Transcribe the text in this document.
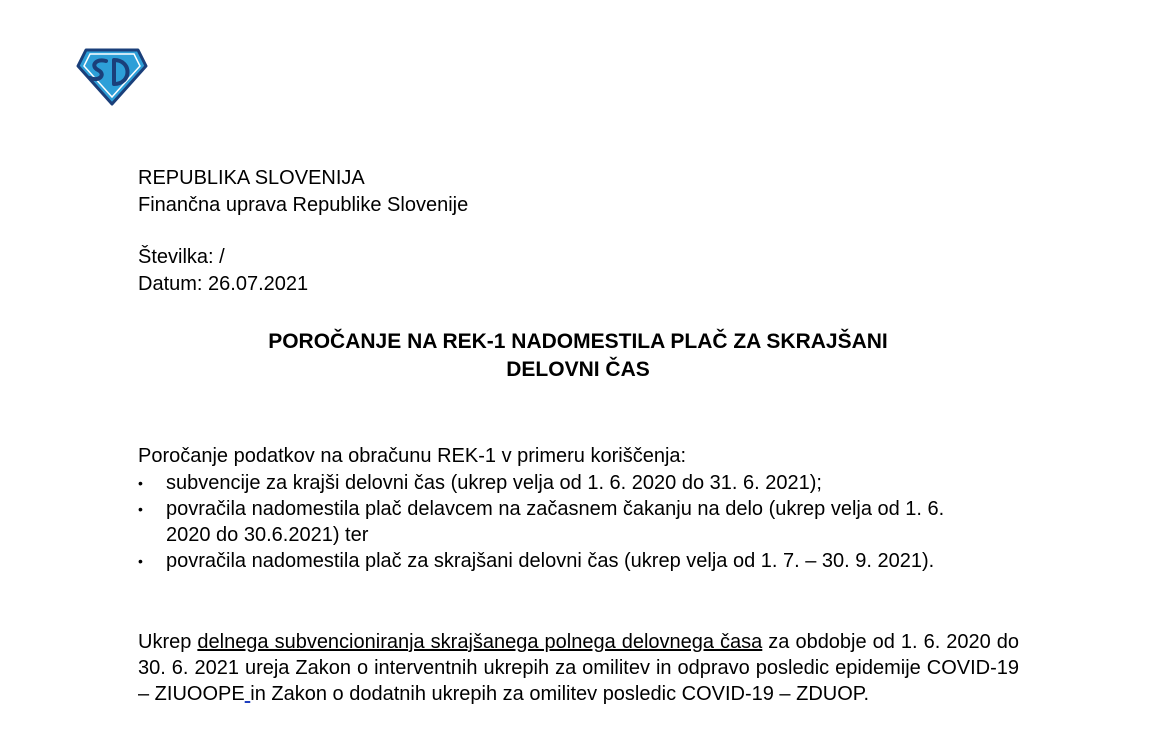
REPUBLIKA SLOVENIJA
Finančna uprava Republike Slovenije
Številka: /
Datum: 26.07.2021
POROČANJE NA REK-1 NADOMESTILA PLAČ ZA SKRAJŠANI
DELOVNI ČAS
Poročanje podatkov na obračunu REK-1 v primeru koriščenja:
• subvencije za krajši delovni čas (ukrep velja od 1. 6. 2020 do 31. 6. 2021);
• povračila nadomestila plač delavcem na začasnem čakanju na delo (ukrep velja od 1. 6. 2020 do 30.6.2021) ter
• povračila nadomestila plač za skrajšani delovni čas (ukrep velja od 1. 7. – 30. 9. 2021).
Ukrep delnega subvencioniranja skrajšanega polnega delovnega časa za obdobje od 1. 6. 2020 do 30. 6. 2021 ureja Zakon o interventnih ukrepih za omilitev in odpravo posledic epidemije COVID-19 – ZIUOOPE in Zakon o dodatnih ukrepih za omilitev posledic COVID-19 – ZDUOP.
